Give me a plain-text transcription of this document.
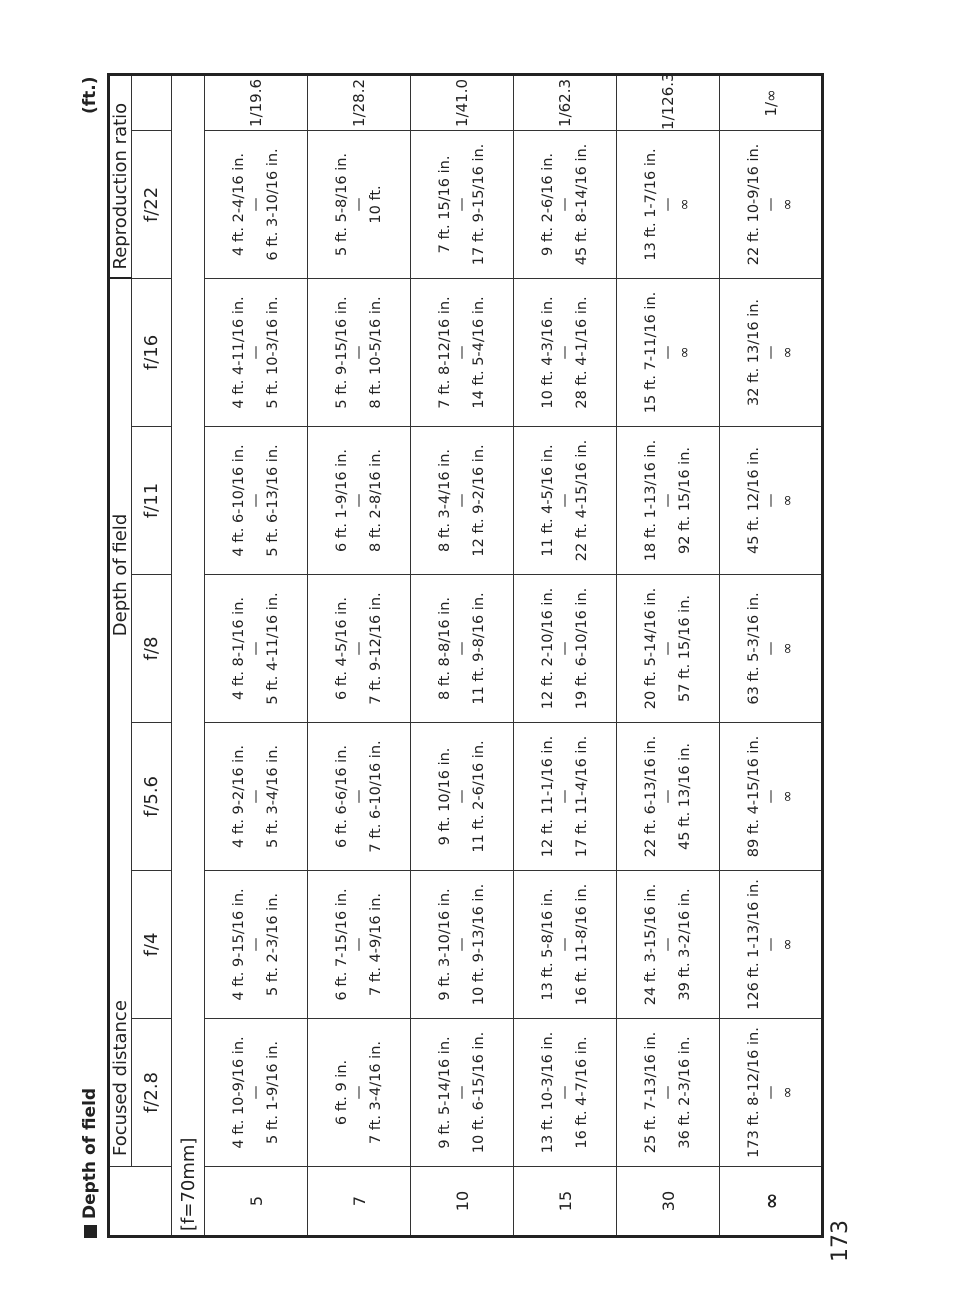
Depth of field
(ft.)
173
	Focused distance		Depth of field				Reproduction ratio	
	f/2.8	f/4	f/5.6	f/8	f/11	f/16	f/22	
[f=70mm]								
5	4 ft. 10-9/16 in. — 5 ft. 1-9/16 in.	4 ft. 9-15/16 in. — 5 ft. 2-3/16 in.	4 ft. 9-2/16 in. — 5 ft. 3-4/16 in.	4 ft. 8-1/16 in. — 5 ft. 4-11/16 in.	4 ft. 6-10/16 in. — 5 ft. 6-13/16 in.	4 ft. 4-11/16 in. — 5 ft. 10-3/16 in.	4 ft. 2-4/16 in. — 6 ft. 3-10/16 in.	1/19.6
7	6 ft. 9 in. — 7 ft. 3-4/16 in.	6 ft. 7-15/16 in. — 7 ft. 4-9/16 in.	6 ft. 6-6/16 in. — 7 ft. 6-10/16 in.	6 ft. 4-5/16 in. — 7 ft. 9-12/16 in.	6 ft. 1-9/16 in. — 8 ft. 2-8/16 in.	5 ft. 9-15/16 in. — 8 ft. 10-5/16 in.	5 ft. 5-8/16 in. — 10 ft.	1/28.2
10	9 ft. 5-14/16 in. — 10 ft. 6-15/16 in.	9 ft. 3-10/16 in. — 10 ft. 9-13/16 in.	9 ft. 10/16 in. — 11 ft. 2-6/16 in.	8 ft. 8-8/16 in. — 11 ft. 9-8/16 in.	8 ft. 3-4/16 in. — 12 ft. 9-2/16 in.	7 ft. 8-12/16 in. — 14 ft. 5-4/16 in.	7 ft. 15/16 in. — 17 ft. 9-15/16 in.	1/41.0
15	13 ft. 10-3/16 in. — 16 ft. 4-7/16 in.	13 ft. 5-8/16 in. — 16 ft. 11-8/16 in.	12 ft. 11-1/16 in. — 17 ft. 11-4/16 in.	12 ft. 2-10/16 in. — 19 ft. 6-10/16 in.	11 ft. 4-5/16 in. — 22 ft. 4-15/16 in.	10 ft. 4-3/16 in. — 28 ft. 4-1/16 in.	9 ft. 2-6/16 in. — 45 ft. 8-14/16 in.	1/62.3
30	25 ft. 7-13/16 in. — 36 ft. 2-3/16 in.	24 ft. 3-15/16 in. — 39 ft. 3-2/16 in.	22 ft. 6-13/16 in. — 45 ft. 13/16 in.	20 ft. 5-14/16 in. — 57 ft. 15/16 in.	18 ft. 1-13/16 in. — 92 ft. 15/16 in.	15 ft. 7-11/16 in. — ∞	13 ft. 1-7/16 in. — ∞	1/126.3
∞	173 ft. 8-12/16 in. — ∞	126 ft. 1-13/16 in. — ∞	89 ft. 4-15/16 in. — ∞	63 ft. 5-3/16 in. — ∞	45 ft. 12/16 in. — ∞	32 ft. 13/16 in. — ∞	22 ft. 10-9/16 in. — ∞	1/∞
